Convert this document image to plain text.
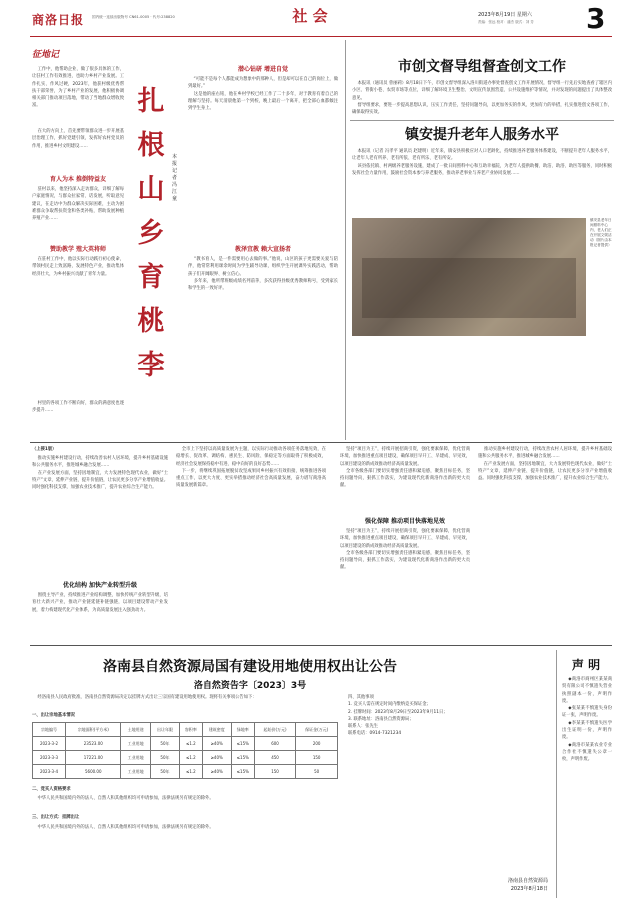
商洛日报 国内统一连续出版物号 CN61-0005 · 代号:238820	社 会	2023年8月19日 星期六
责编：张远 校对：潘杰 版式：刘 芳 3
征地记
工作中，他帮助企业、做了很多具体的工作，让驻村工作有效推进，也助力乡村产业发展。工作扎实、作风过硬，2023年，他获村级优秀帮扶干部荣誉，为了乡村产业的发展，他积极协调相关部门推动项目落地，带动了当地群众增收致富。
在大的方向上，首先要带领群众进一步开展基层治理工作，抓好党建引领，发挥好农村党员的作用，推进乡村文明建设……
育人为本 推倒特益友
驻村以来，他坚持深入走访群众，详细了解每户家庭情况，与群众拉家常、话发展，听取意见建议，在走访中为群众解决实际困难，主动为困难群众争取帮扶资金和各类补贴，帮助发展种植养殖产业……
赞助教学 殖大英将师
在驻村工作中，他以实际行动践行初心使命，带领村民走上致富路，发展特色产业，推动集体经济壮大，为乡村振兴贡献了青年力量。
村里的各项工作不断向好，群众的满意度也逐步提升……
扎根山乡育桃李
本报记者 冯江童
潜心钻研 增进自觉
“可能不是每个人都能成为想象中的那种人，但是却可以在自己的岗位上，做到最好。”
这是他的座右铭，他在乡村学校已经工作了二十多年，对于教育有着自己的理解与坚持。每天清晨他第一个到校，晚上最后一个离开，把全部心血都倾注到学生身上。
教泽宜教 赖大宣扬者
“教书育人，是一件需要用心去做的事。”他说，山区的孩子更需要关爱与陪伴，他常常利用课余时间为学生辅导功课，组织学生开展课外实践活动，帮助孩子们开阔眼界、树立信心。
多年来，他所带班级成绩名列前茅，多次获得县级优秀教师称号，受到家长和学生的一致好评。
市创文督导组督查创文工作
本报讯（通讯员 曾丽莉）8月18日下午，市创文督导组深入洛川街道办事处督查创文工作开展情况，督导组一行先后实地查看了辖区内小区、背街小巷、农贸市场等点位，详细了解环境卫生整治、文明宣传氛围营造、公共设施维护等情况，并对发现的问题提出了具体整改意见。
督导组要求，要进一步提高思想认识，压实工作责任，坚持问题导向，以更加务实的作风、更加有力的举措，扎实推进创文各项工作，确保取得实效。
镇安提升老年人服务水平
本报讯（记者 冯孝平 通讯员 赵建明）近年来，镇安县积极应对人口老龄化，持续推进养老服务体系建设，不断提升老年人服务水平，让老年人老有所养、老有所依、老有所乐、老有所安。
该县依托镇、村两级养老服务设施，建成了一批日间照料中心和互助幸福院，为老年人提供助餐、助洁、助浴、助医等服务，同时积极发挥社会力量作用，鼓励社会资本参与养老服务，推动养老事业与养老产业协同发展……
镇安县老年日间照料中心内，老人们正在开展文娱活动（图片由本报记者提供）
（上接1版）
推动实施乡村建设行动，持续改善农村人居环境，提升乡村基础设施和公共服务水平，推进城乡融合发展……
在产业发展方面，坚持因地制宜，大力发展特色现代农业，做好“土特产”文章，延伸产业链、提升价值链，让农民更多分享产业增值收益。同时强化科技支撑，加强农业技术推广，提升农业综合生产能力。
优化结构 加快产业转型升级
围绕主导产业，持续推进产业结构调整，加快传统产业转型升级，培育壮大新兴产业，推动产业链延链补链强链，以项目建设带动产业发展，着力构建现代化产业体系，为高质量发展注入强劲动力。
全市上下坚持以高质量发展为主题，以实际行动推动各项任务落地见效，在稳增长、促改革、调结构、惠民生、防风险、保稳定等方面取得了积极成效，经济社会发展保持稳中有进、稳中向好的良好态势……
下一步，将继续巩固拓展脱贫攻坚成果同乡村振兴有效衔接，统筹推进各项重点工作，以更大力度、更实举措推动经济社会高质量发展，奋力谱写商洛高质量发展新篇章。
强化保障 推动项目快落地见效
坚持“项目为王”，持续开展招商引资，强化要素保障，优化营商环境，加快推进重点项目建设，确保项目早开工、早建成、早见效，以项目建设的新成效推动经济高质量发展。
全市各级各部门要切实增强责任感和紧迫感，聚焦目标任务，坚持问题导向，狠抓工作落实，为建设现代化新商洛作出新的更大贡献。
坚持“项目为王”，持续开展招商引资，强化要素保障，优化营商环境，加快推进重点项目建设，确保项目早开工、早建成、早见效，以项目建设的新成效推动经济高质量发展。
全市各级各部门要切实增强责任感和紧迫感，聚焦目标任务，坚持问题导向，狠抓工作落实，为建设现代化新商洛作出新的更大贡献。
推动实施乡村建设行动，持续改善农村人居环境，提升乡村基础设施和公共服务水平，推进城乡融合发展……
在产业发展方面，坚持因地制宜，大力发展特色现代农业，做好“土特产”文章，延伸产业链、提升价值链，让农民更多分享产业增值收益。同时强化科技支撑，加强农业技术推广，提升农业综合生产能力。
洛南县自然资源局国有建设用地使用权出让公告
洛自然资告字〔2023〕3号
经洛南县人民政府批准，洛南县自然资源局决定以挂牌方式出让三宗国有建设用地使用权。现将有关事项公告如下：
一、出让宗地基本情况
宗地编号	宗地面积(平方米)	土地用途	出让年限	容积率	建筑密度	绿地率	起始价(万元)	保证金(万元)
2023-3-2	23523.00	工业用地	50年	≤1.2	≥40%	≤15%	600	200
2023-3-3	17221.00	工业用地	50年	≤1.2	≥40%	≤15%	450	150
2023-3-4	5600.00	工业用地	50年	≤1.2	≥40%	≤15%	150	50
二、竞买人资格要求
中华人民共和国境内外的法人、自然人和其他组织均可申请参加，法律法规另有规定的除外。
三、出让方式：挂牌出让
中华人民共和国境内外的法人、自然人和其他组织均可申请参加，法律法规另有规定的除外。
四、其他事项
1. 竞买人需在规定时间内缴纳竞买保证金；
2. 挂牌时间：2023年8月29日至2023年9月11日；
3. 联系地址：洛南县自然资源局；
联系人：张先生
联系电话：0914-7321234
洛南县自然资源局
2023年8月18日
声 明
◆商洛市商州区某某商贸有限公司不慎遗失营业执照副本一份，声明作废。
◆张某某不慎遗失身份证一张，声明作废。
◆李某某不慎遗失医学出生证明一份，声明作废。
◆商洛市某某农业专业合作社不慎遗失公章一枚，声明作废。
